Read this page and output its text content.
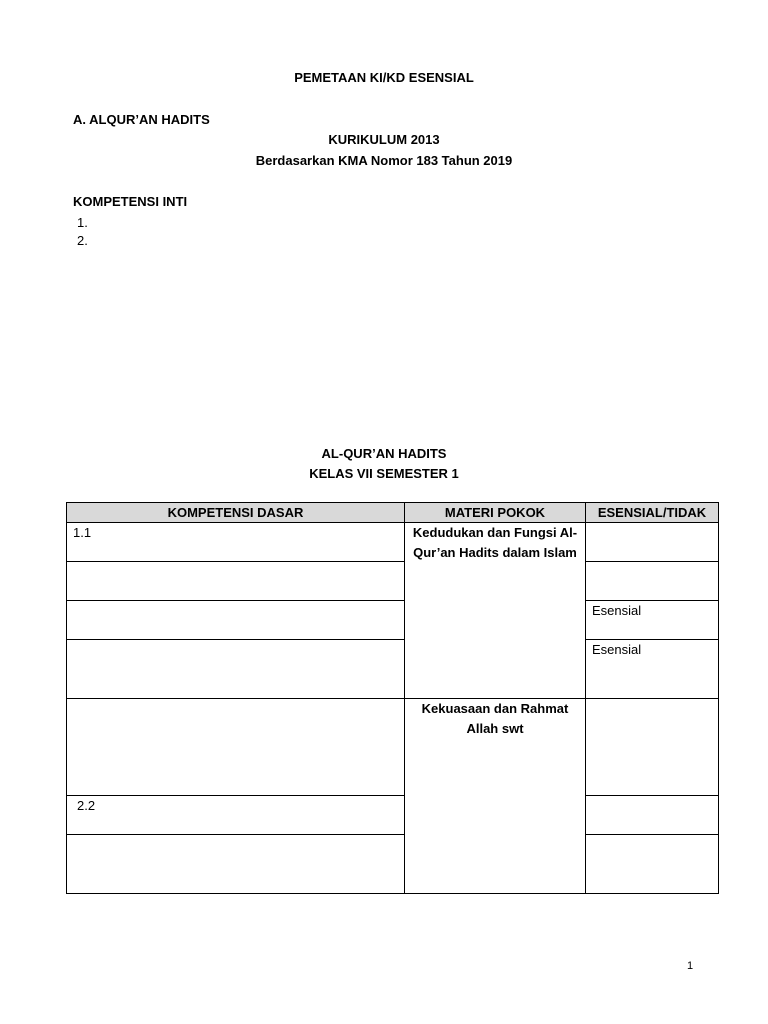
PEMETAAN KI/KD ESENSIAL
A. ALQUR’AN HADITS
KURIKULUM 2013
Berdasarkan KMA Nomor 183 Tahun 2019
KOMPETENSI INTI
1.
2.
AL-QUR’AN HADITS
KELAS VII SEMESTER 1
KOMPETENSI DASAR	MATERI POKOK	ESENSIAL/TIDAK

1.1	Kedudukan dan Fungsi Al-Qur’an Hadits dalam Islam	

		Esensial

		Esensial

	Kekuasaan dan Rahmat Allah swt	

2.2		

1
